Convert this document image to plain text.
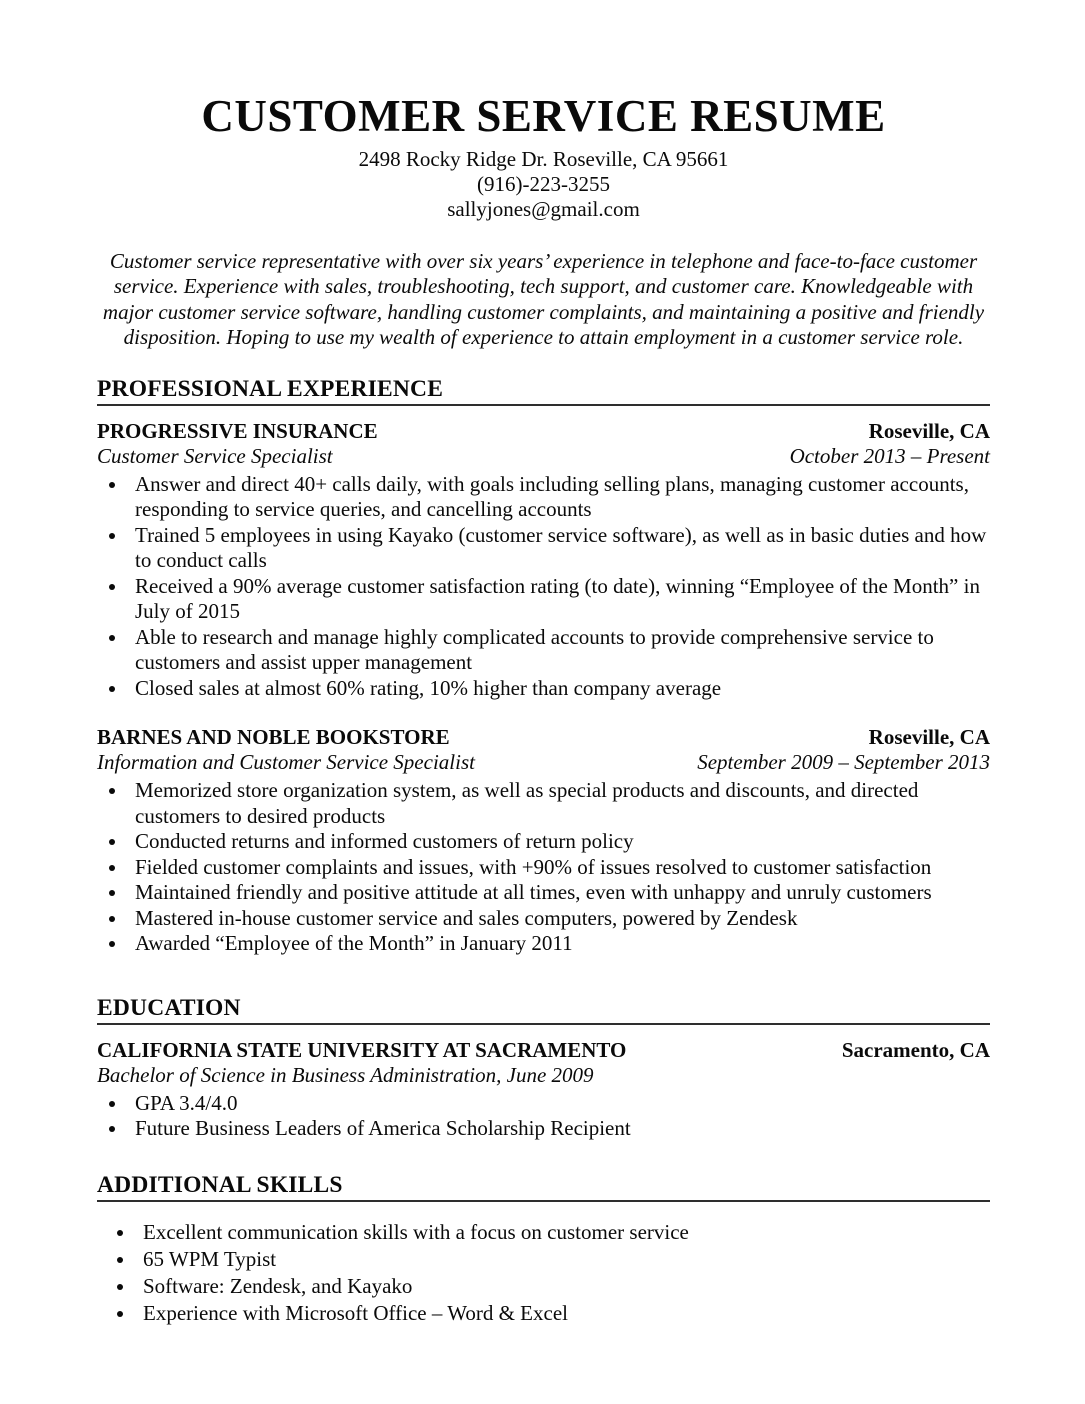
CUSTOMER SERVICE RESUME
2498 Rocky Ridge Dr. Roseville, CA 95661
(916)-223-3255
sallyjones@gmail.com
Customer service representative with over six years’ experience in telephone and face-to-face customer service. Experience with sales, troubleshooting, tech support, and customer care. Knowledgeable with major customer service software, handling customer complaints, and maintaining a positive and friendly disposition. Hoping to use my wealth of experience to attain employment in a customer service role.
PROFESSIONAL EXPERIENCE
PROGRESSIVE INSURANCE	Roseville, CA
Customer Service Specialist	October 2013 – Present
• Answer and direct 40+ calls daily, with goals including selling plans, managing customer accounts, responding to service queries, and cancelling accounts
• Trained 5 employees in using Kayako (customer service software), as well as in basic duties and how to conduct calls
• Received a 90% average customer satisfaction rating (to date), winning “Employee of the Month” in July of 2015
• Able to research and manage highly complicated accounts to provide comprehensive service to customers and assist upper management
• Closed sales at almost 60% rating, 10% higher than company average
BARNES AND NOBLE BOOKSTORE	Roseville, CA
Information and Customer Service Specialist	September 2009 – September 2013
• Memorized store organization system, as well as special products and discounts, and directed customers to desired products
• Conducted returns and informed customers of return policy
• Fielded customer complaints and issues, with +90% of issues resolved to customer satisfaction
• Maintained friendly and positive attitude at all times, even with unhappy and unruly customers
• Mastered in-house customer service and sales computers, powered by Zendesk
• Awarded “Employee of the Month” in January 2011
EDUCATION
CALIFORNIA STATE UNIVERSITY AT SACRAMENTO	Sacramento, CA
Bachelor of Science in Business Administration, June 2009
• GPA 3.4/4.0
• Future Business Leaders of America Scholarship Recipient
ADDITIONAL SKILLS
• Excellent communication skills with a focus on customer service
• 65 WPM Typist
• Software: Zendesk, and Kayako
• Experience with Microsoft Office – Word & Excel
